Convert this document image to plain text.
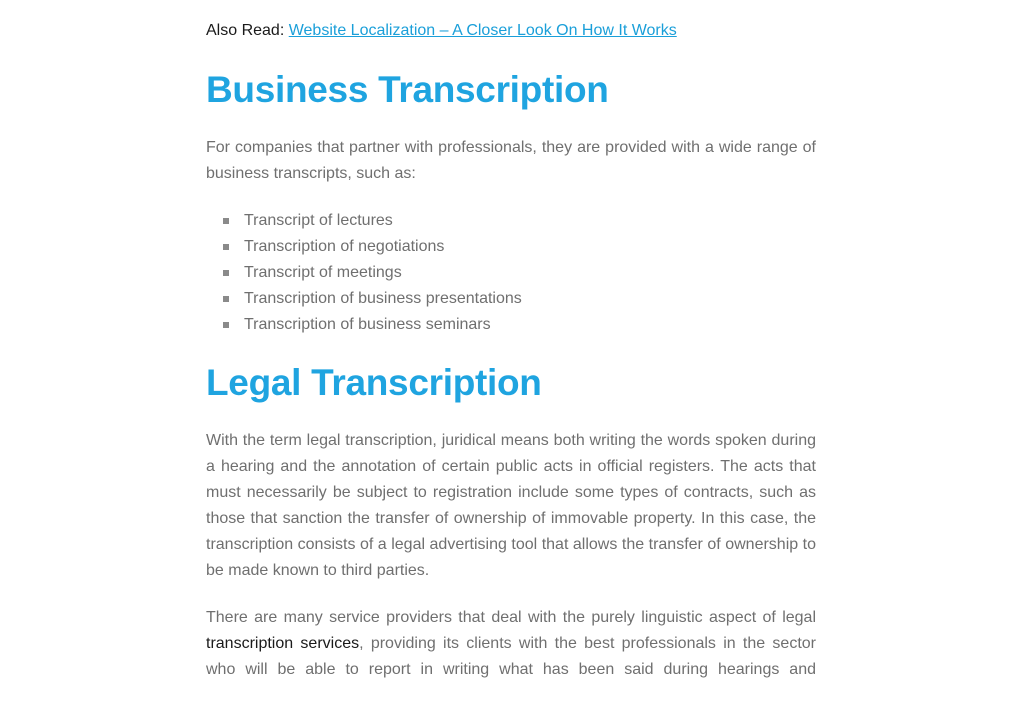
Also Read: Website Localization – A Closer Look On How It Works
Business Transcription

For companies that partner with professionals, they are provided with a wide range of business transcripts, such as:

Transcript of lectures
Transcription of negotiations
Transcript of meetings
Transcription of business presentations
Transcription of business seminars
Legal Transcription

With the term legal transcription, juridical means both writing the words spoken during a hearing and the annotation of certain public acts in official registers. The acts that must necessarily be subject to registration include some types of contracts, such as those that sanction the transfer of ownership of immovable property. In this case, the transcription consists of a legal advertising tool that allows the transfer of ownership to be made known to third parties.

There are many service providers that deal with the purely linguistic aspect of legal transcription services, providing its clients with the best professionals in the sector who will be able to report in writing what has been said during hearings and
